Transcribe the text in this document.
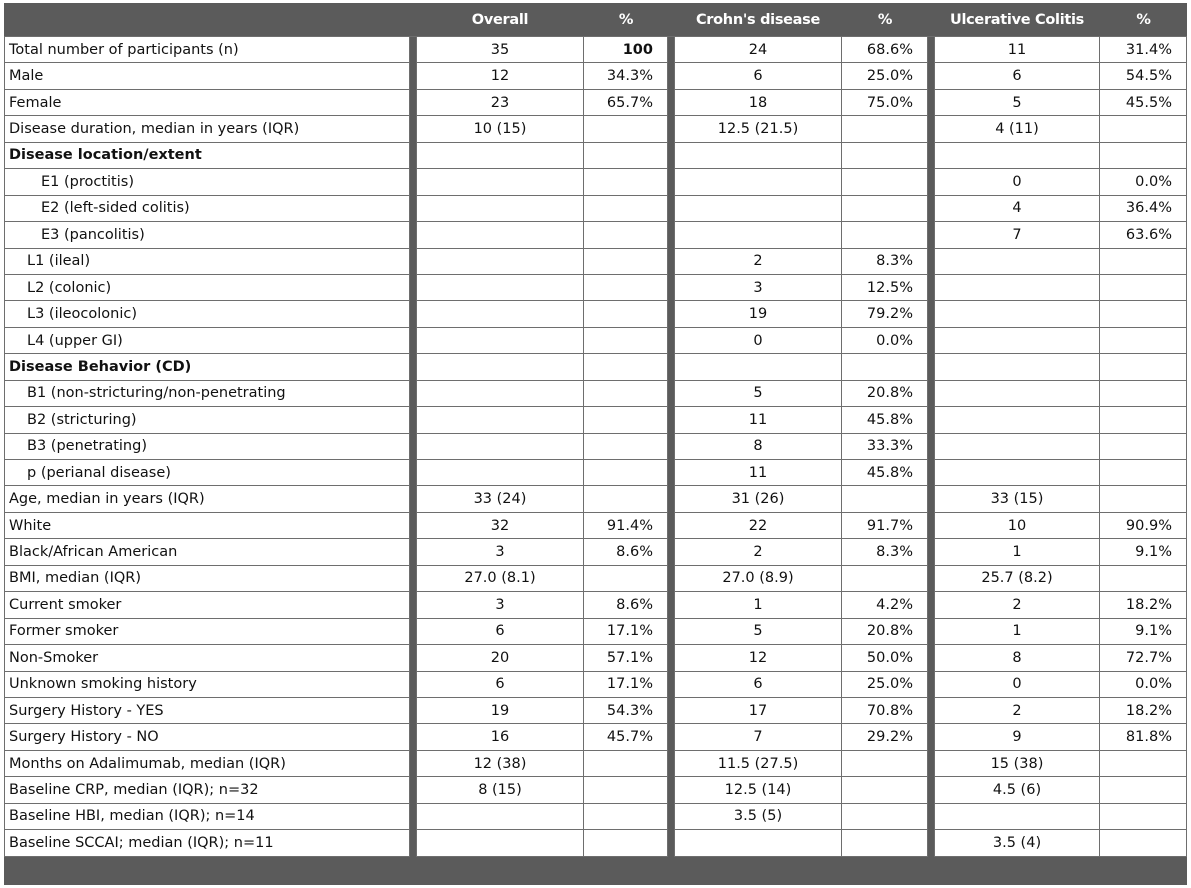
		Overall	%		Crohn's disease	%		Ulcerative Colitis	%
Total number of participants (n)		35	100		24	68.6%		11	31.4%
Male		12	34.3%		6	25.0%		6	54.5%
Female		23	65.7%		18	75.0%		5	45.5%
Disease duration, median in years (IQR)		10 (15)			12.5 (21.5)			4 (11)	
Disease location/extent									
E1 (proctitis)								0	0.0%
E2 (left-sided colitis)								4	36.4%
E3 (pancolitis)								7	63.6%
L1 (ileal)					2	8.3%			
L2 (colonic)					3	12.5%			
L3 (ileocolonic)					19	79.2%			
L4 (upper GI)					0	0.0%			
Disease Behavior (CD)									
B1 (non-stricturing/non-penetrating					5	20.8%			
B2 (stricturing)					11	45.8%			
B3 (penetrating)					8	33.3%			
p (perianal disease)					11	45.8%			
Age, median in years (IQR)		33 (24)			31 (26)			33 (15)	
White		32	91.4%		22	91.7%		10	90.9%
Black/African American		3	8.6%		2	8.3%		1	9.1%
BMI, median (IQR)		27.0 (8.1)			27.0 (8.9)			25.7 (8.2)	
Current smoker		3	8.6%		1	4.2%		2	18.2%
Former smoker		6	17.1%		5	20.8%		1	9.1%
Non-Smoker		20	57.1%		12	50.0%		8	72.7%
Unknown smoking history		6	17.1%		6	25.0%		0	0.0%
Surgery History - YES		19	54.3%		17	70.8%		2	18.2%
Surgery History - NO		16	45.7%		7	29.2%		9	81.8%
Months on Adalimumab, median (IQR)		12 (38)			11.5 (27.5)			15 (38)	
Baseline CRP, median (IQR); n=32		8 (15)			12.5 (14)			4.5 (6)	
Baseline HBI, median (IQR); n=14					3.5 (5)				
Baseline SCCAI; median (IQR); n=11								3.5 (4)	
